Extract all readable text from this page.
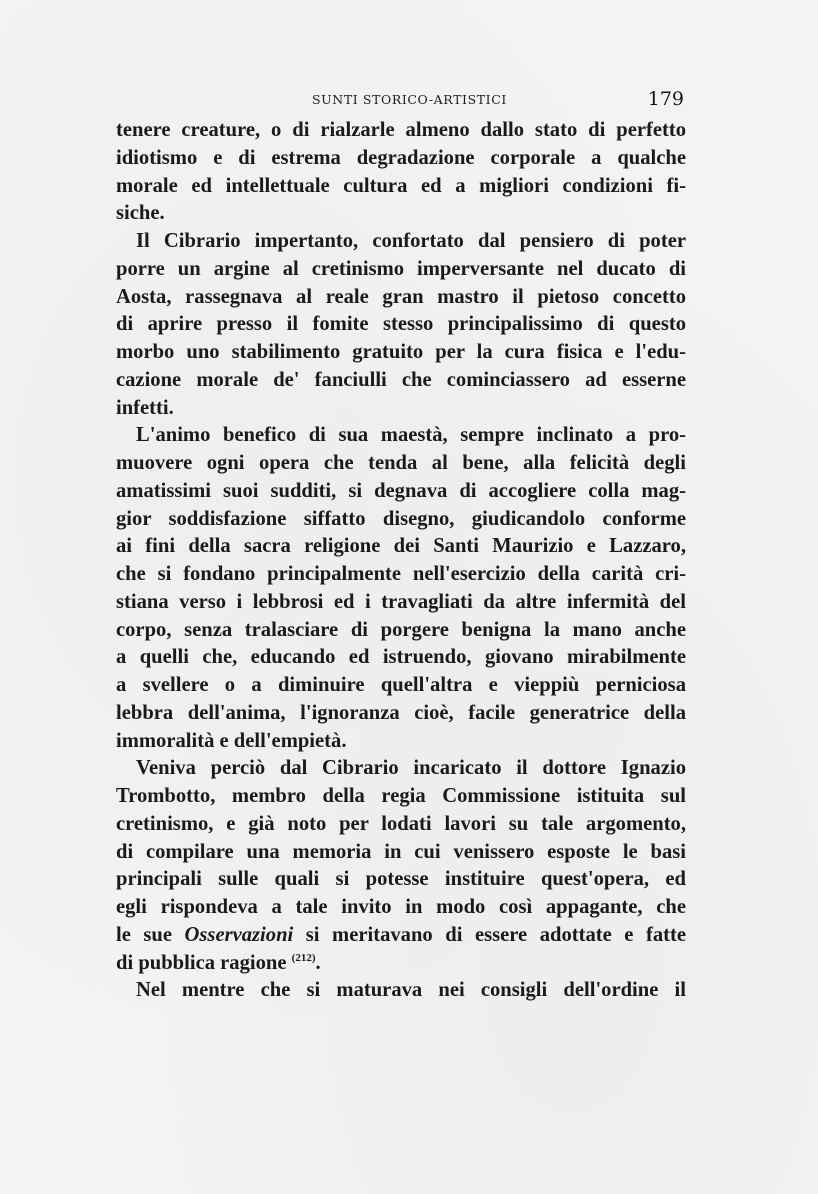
SUNTI STORICO-ARTISTICI	179
tenere creature, o di rialzarle almeno dallo stato di perfetto
idiotismo e di estrema degradazione corporale a qualche
morale ed intellettuale cultura ed a migliori condizioni fi-
siche.
Il Cibrario impertanto, confortato dal pensiero di poter
porre un argine al cretinismo imperversante nel ducato di
Aosta, rassegnava al reale gran mastro il pietoso concetto
di aprire presso il fomite stesso principalissimo di questo
morbo uno stabilimento gratuito per la cura fisica e l'edu-
cazione morale de' fanciulli che cominciassero ad esserne
infetti.
L'animo benefico di sua maestà, sempre inclinato a pro-
muovere ogni opera che tenda al bene, alla felicità degli
amatissimi suoi sudditi, si degnava di accogliere colla mag-
gior soddisfazione siffatto disegno, giudicandolo conforme
ai fini della sacra religione dei Santi Maurizio e Lazzaro,
che si fondano principalmente nell'esercizio della carità cri-
stiana verso i lebbrosi ed i travagliati da altre infermità del
corpo, senza tralasciare di porgere benigna la mano anche
a quelli che, educando ed istruendo, giovano mirabilmente
a svellere o a diminuire quell'altra e vieppiù perniciosa
lebbra dell'anima, l'ignoranza cioè, facile generatrice della
immoralità e dell'empietà.
Veniva perciò dal Cibrario incaricato il dottore Ignazio
Trombotto, membro della regia Commissione istituita sul
cretinismo, e già noto per lodati lavori su tale argomento,
di compilare una memoria in cui venissero esposte le basi
principali sulle quali si potesse instituire quest'opera, ed
egli rispondeva a tale invito in modo così appagante, che
le sue Osservazioni si meritavano di essere adottate e fatte
di pubblica ragione $^{(212)}$.
Nel mentre che si maturava nei consigli dell'ordine il
